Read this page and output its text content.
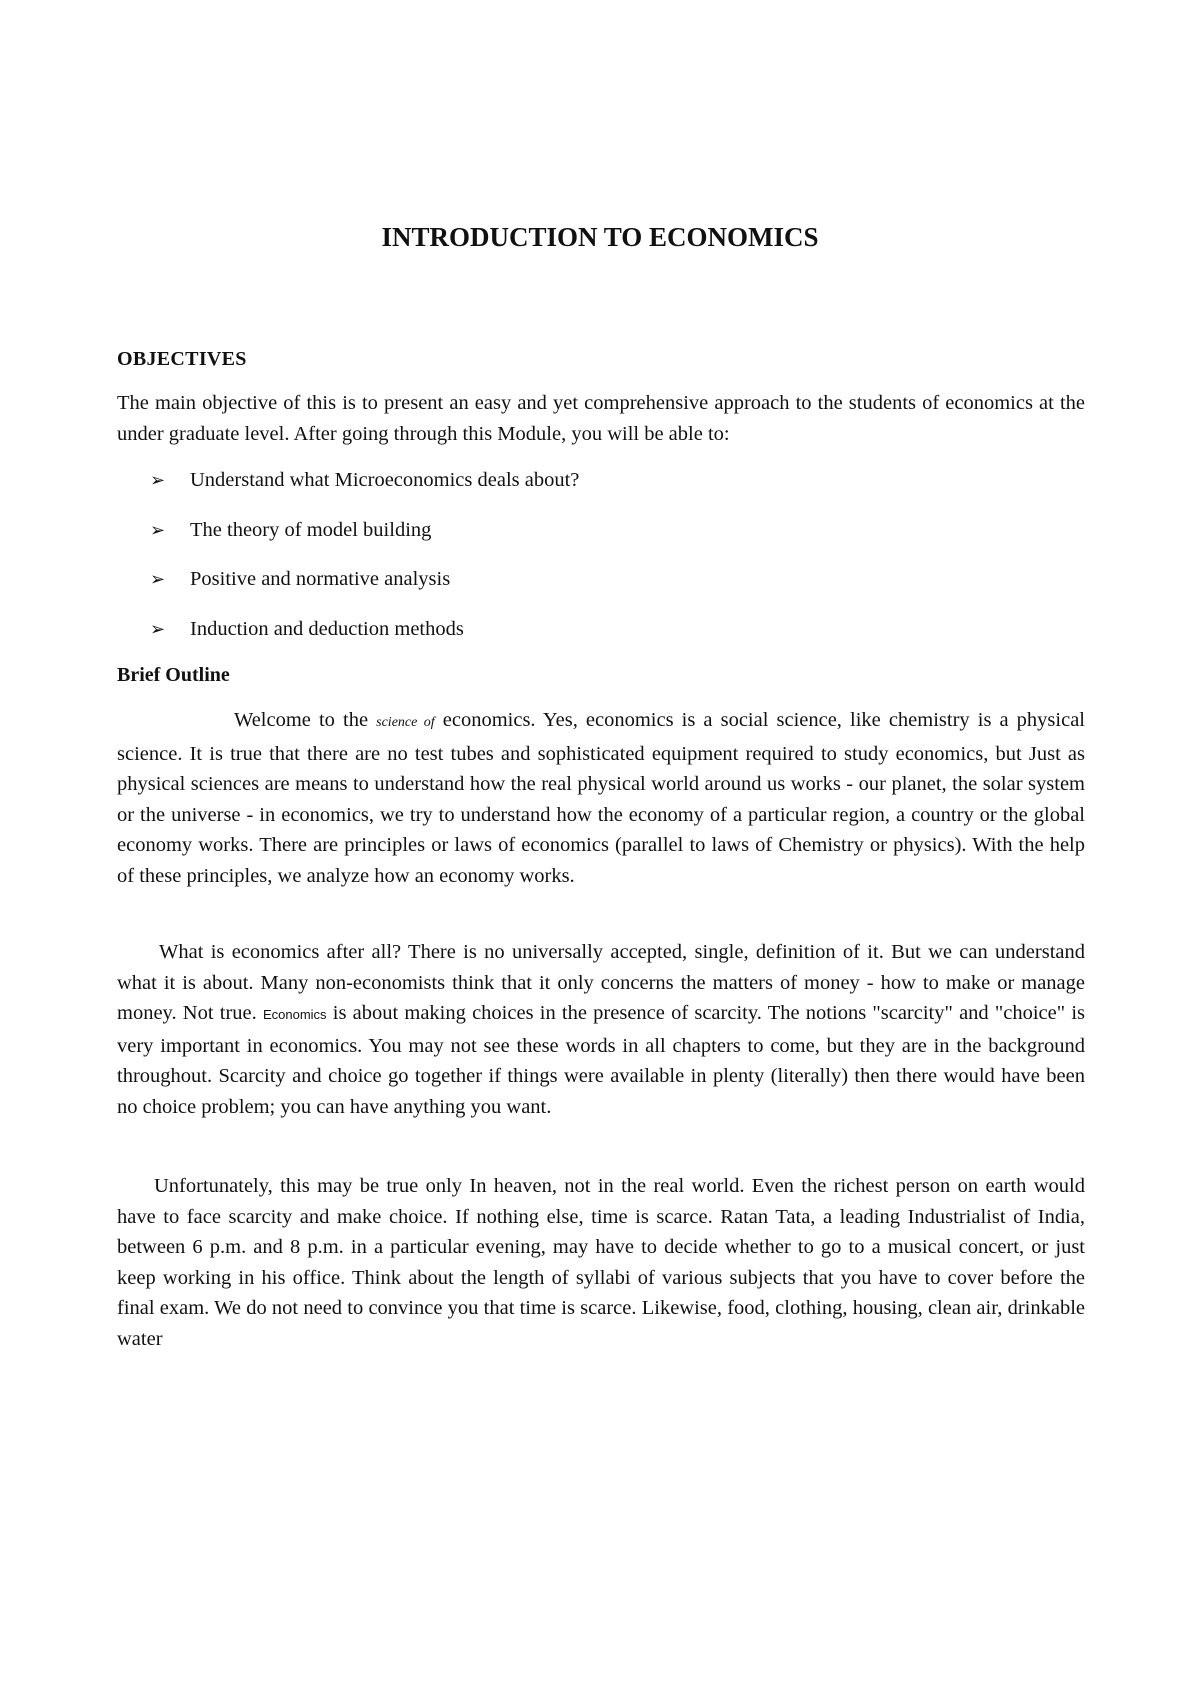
INTRODUCTION TO ECONOMICS
OBJECTIVES
The main objective of this is to present an easy and yet comprehensive approach to the students of economics at the under graduate level. After going through this Module, you will be able to:
➢	Understand what Microeconomics deals about?
➢	The theory of model building
➢	Positive and normative analysis
➢	Induction and deduction methods
Brief Outline

Welcome to the science of economics. Yes, economics is a social science, like chemistry is a physical science. It is true that there are no test tubes and sophisticated equipment required to study economics, but Just as physical sciences are means to understand how the real physical world around us works - our planet, the solar system or the universe - in economics, we try to understand how the economy of a particular region, a country or the global economy works. There are principles or laws of economics (parallel to laws of Chemistry or physics). With the help of these principles, we analyze how an economy works.

What is economics after all? There is no universally accepted, single, definition of it. But we can understand what it is about. Many non-economists think that it only concerns the matters of money - how to make or manage money. Not true. Economics is about making choices in the presence of scarcity. The notions "scarcity" and "choice" is very important in economics. You may not see these words in all chapters to come, but they are in the background throughout. Scarcity and choice go together if things were available in plenty (literally) then there would have been no choice problem; you can have anything you want.

Unfortunately, this may be true only In heaven, not in the real world. Even the richest person on earth would have to face scarcity and make choice. If nothing else, time is scarce. Ratan Tata, a leading Industrialist of India, between 6 p.m. and 8 p.m. in a particular evening, may have to decide whether to go to a musical concert, or just keep working in his office. Think about the length of syllabi of various subjects that you have to cover before the final exam. We do not need to convince you that time is scarce. Likewise, food, clothing, housing, clean air, drinkable water
